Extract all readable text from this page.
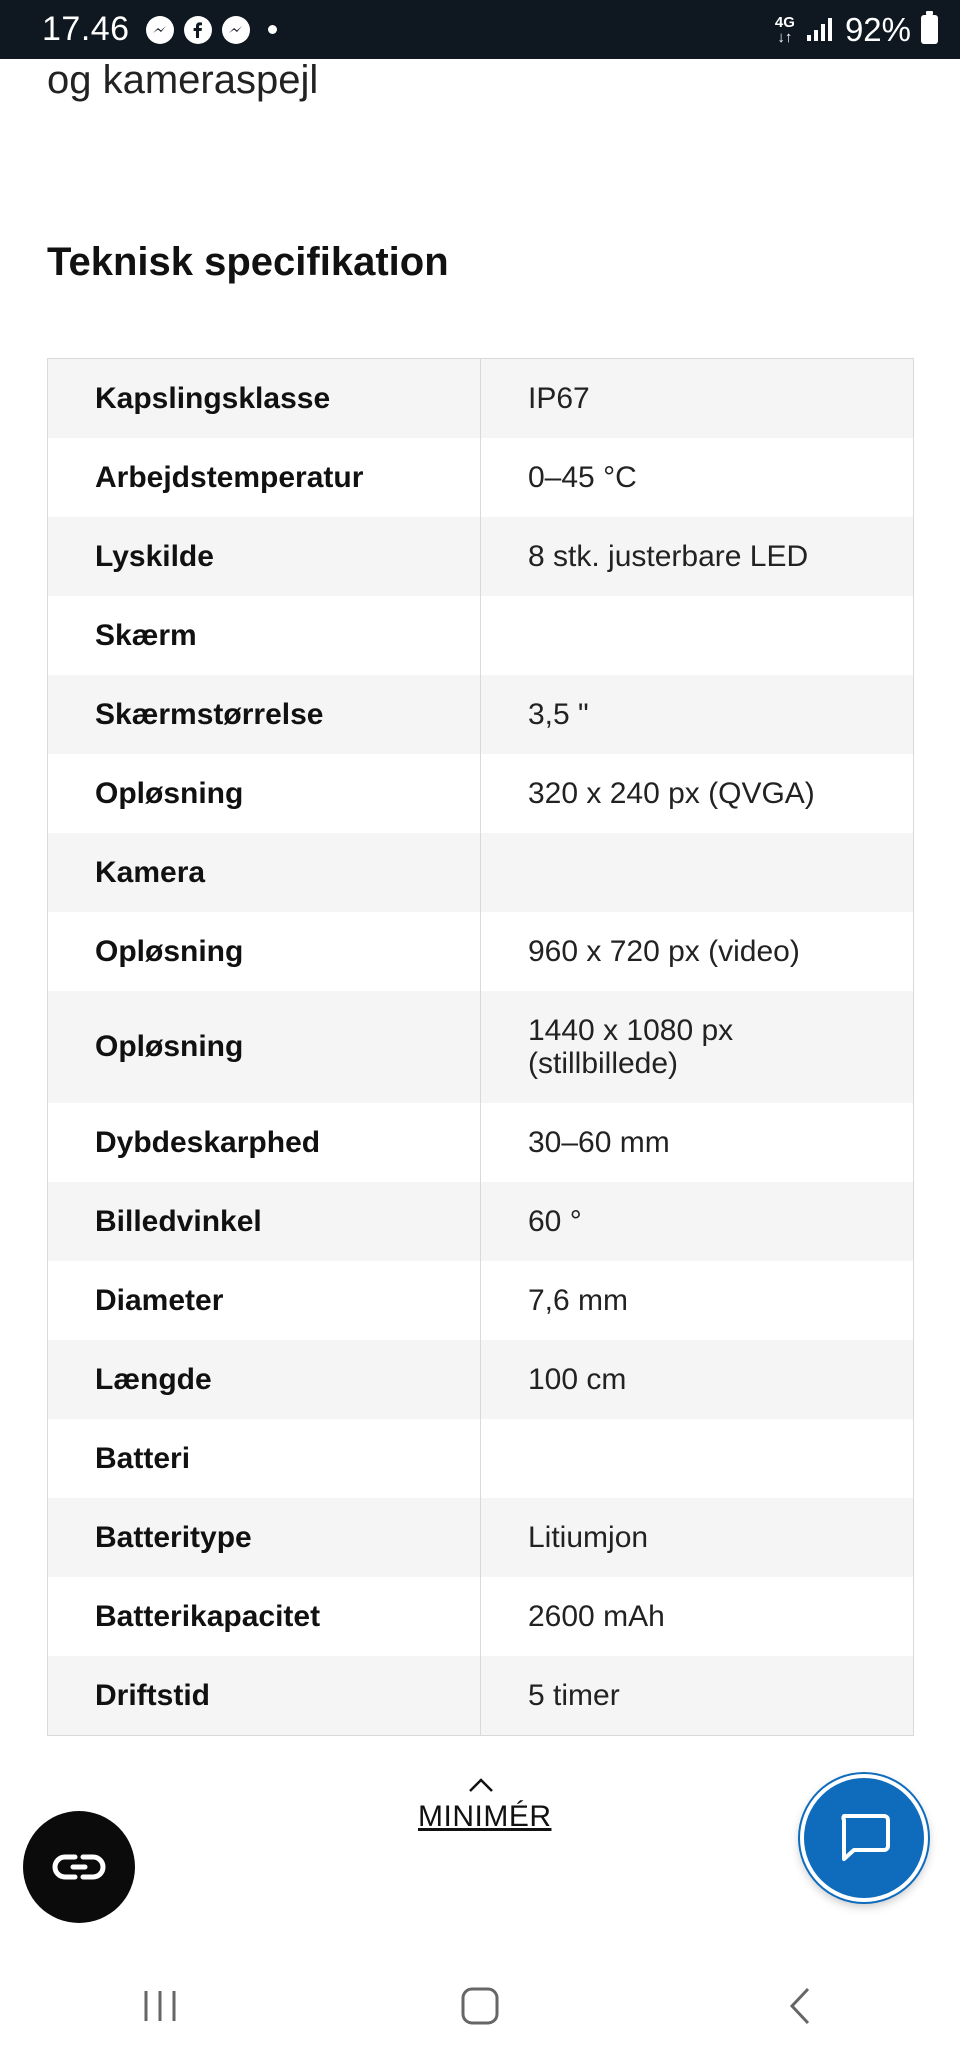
17.46	4G
↓↑ 92%
og kameraspejl
Teknisk specifikation
Kapslingsklasse	IP67
Arbejdstemperatur	0–45 °C
Lyskilde	8 stk. justerbare LED
Skærm
Skærmstørrelse	3,5 "
Opløsning	320 x 240 px (QVGA)
Kamera
Opløsning	960 x 720 px (video)
Opløsning	1440 x 1080 px (stillbillede)
Dybdeskarphed	30–60 mm
Billedvinkel	60 °
Diameter	7,6 mm
Længde	100 cm
Batteri
Batteritype	Litiumjon
Batterikapacitet	2600 mAh
Driftstid	5 timer
MINIMÉR
